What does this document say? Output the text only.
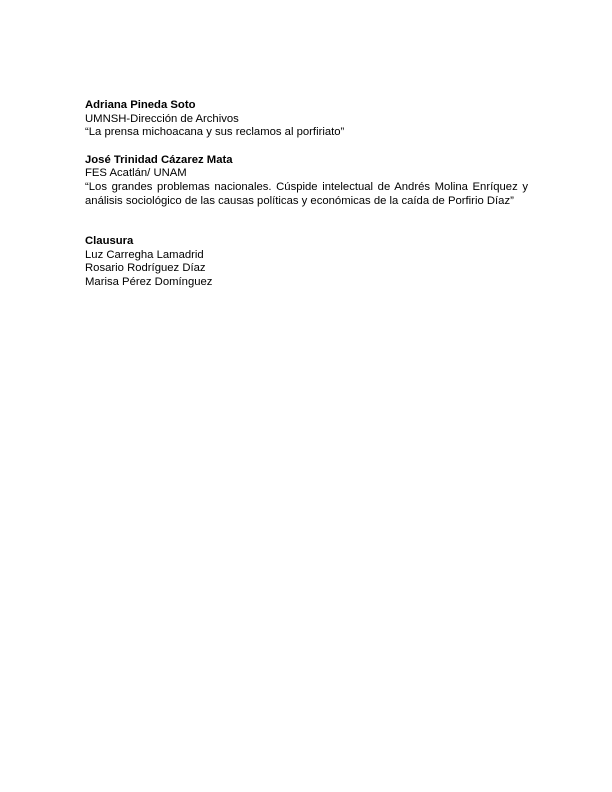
Adriana Pineda Soto
UMNSH-Dirección de Archivos
“La prensa michoacana y sus reclamos al porfiriato”
José Trinidad Cázarez Mata
FES Acatlán/ UNAM
“Los grandes problemas nacionales. Cúspide intelectual de Andrés Molina Enríquez y análisis sociológico de las causas políticas y económicas de la caída de Porfirio Díaz”
Clausura
Luz Carregha Lamadrid
Rosario Rodríguez Díaz
Marisa Pérez Domínguez
